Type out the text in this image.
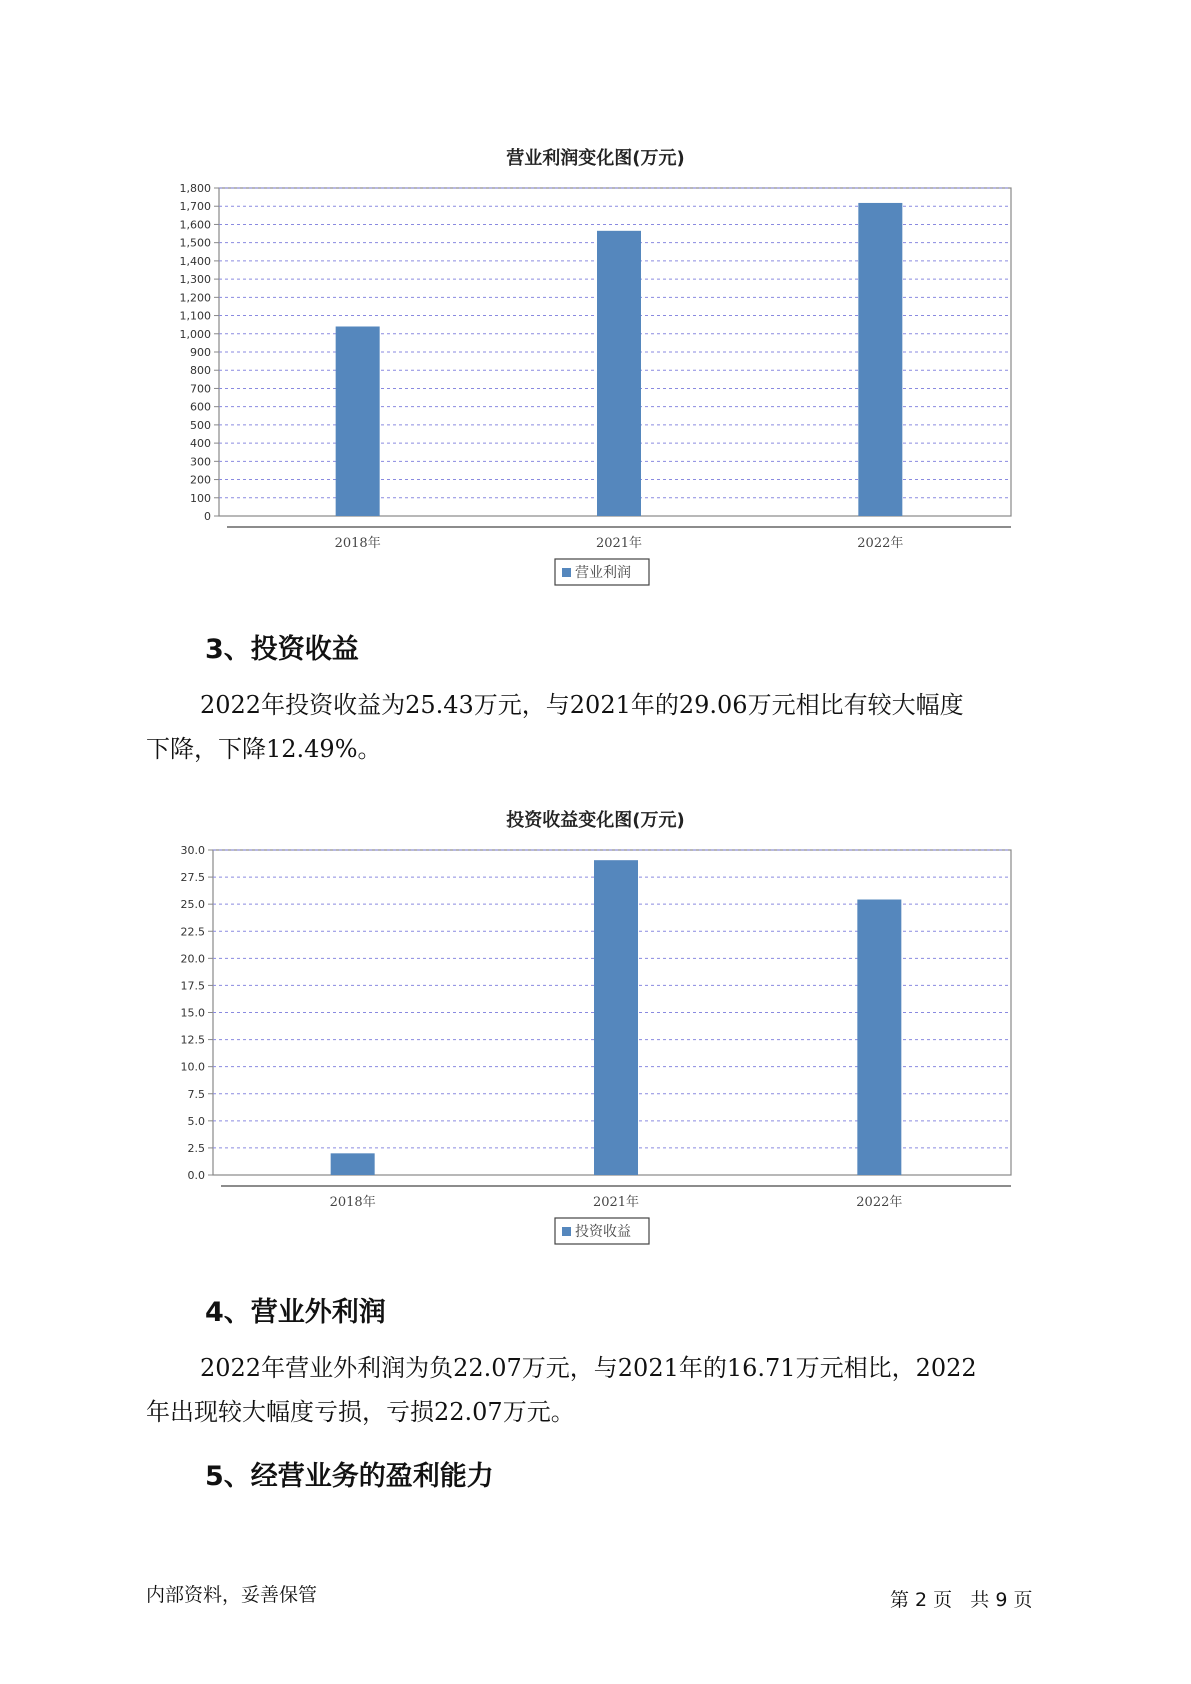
营业利润变化图(万元)
0
100
200
300
400
500
600
700
800
900
1,000
1,100
1,200
1,300
1,400
1,500
1,600
1,700
1,800
2018年	2021年	2022年
营业利润
3、投资收益

2022年投资收益为25.43万元，与2021年的29.06万元相比有较大幅度
下降，下降12.49%。

投资收益变化图(万元)
0.0
2.5
5.0
7.5
10.0
12.5
15.0
17.5
20.0
22.5
25.0
27.5
30.0
2018年	2021年	2022年
投资收益
4、营业外利润

2022年营业外利润为负22.07万元，与2021年的16.71万元相比，2022
年出现较大幅度亏损，亏损22.07万元。

5、经营业务的盈利能力
内部资料，妥善保管	第 2 页   共 9 页
